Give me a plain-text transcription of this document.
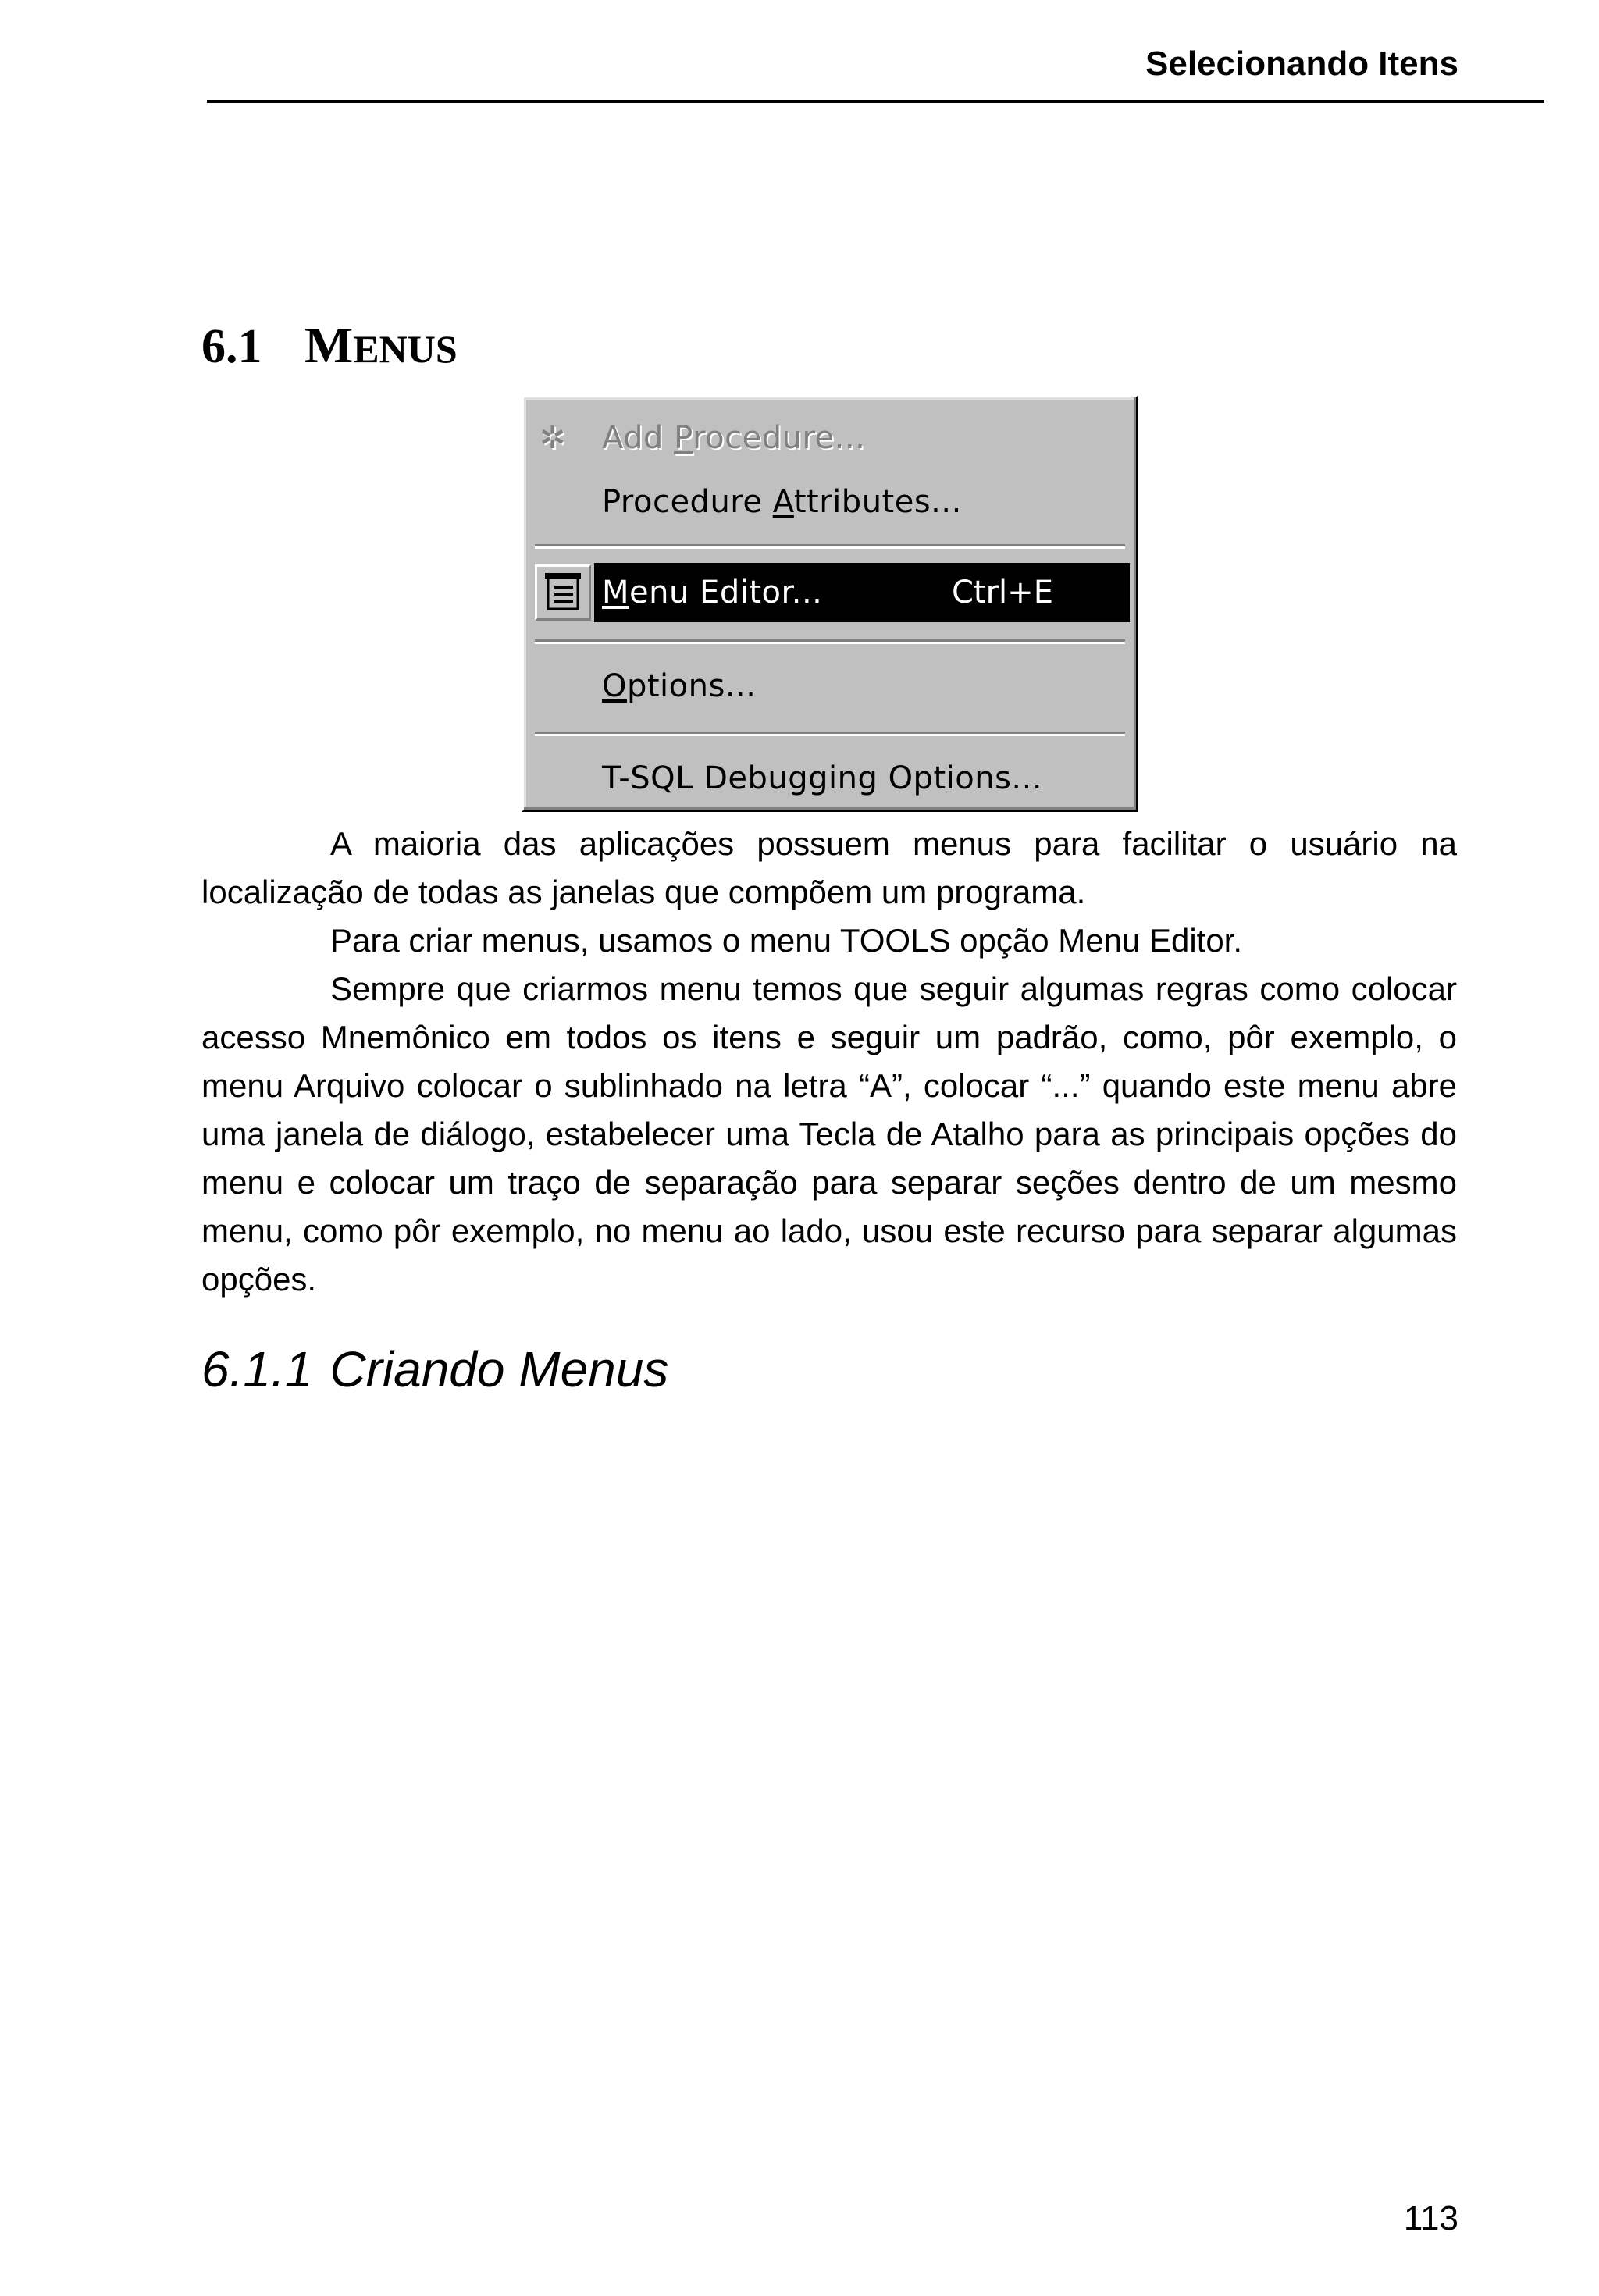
Selecionando Itens
6.1 MENUS
✲ Add Procedure...
Procedure Attributes...
Menu Editor...	Ctrl+E
Options...
T-SQL Debugging Options...

A maioria das aplicações possuem menus para facilitar o usuário na localização de todas as janelas que compõem um programa.

Para criar menus, usamos o menu TOOLS opção Menu Editor.

Sempre que criarmos menu temos que seguir algumas regras como colocar acesso Mnemônico em todos os itens e seguir um padrão, como, pôr exemplo, o menu Arquivo colocar o sublinhado na letra “A”, colocar “...” quando este menu abre uma janela de diálogo, estabelecer uma Tecla de Atalho para as principais opções do menu e colocar um traço de separação para separar seções dentro de um mesmo menu, como pôr exemplo, no menu ao lado, usou este recurso para separar algumas opções.

6.1.1 Criando Menus
113
